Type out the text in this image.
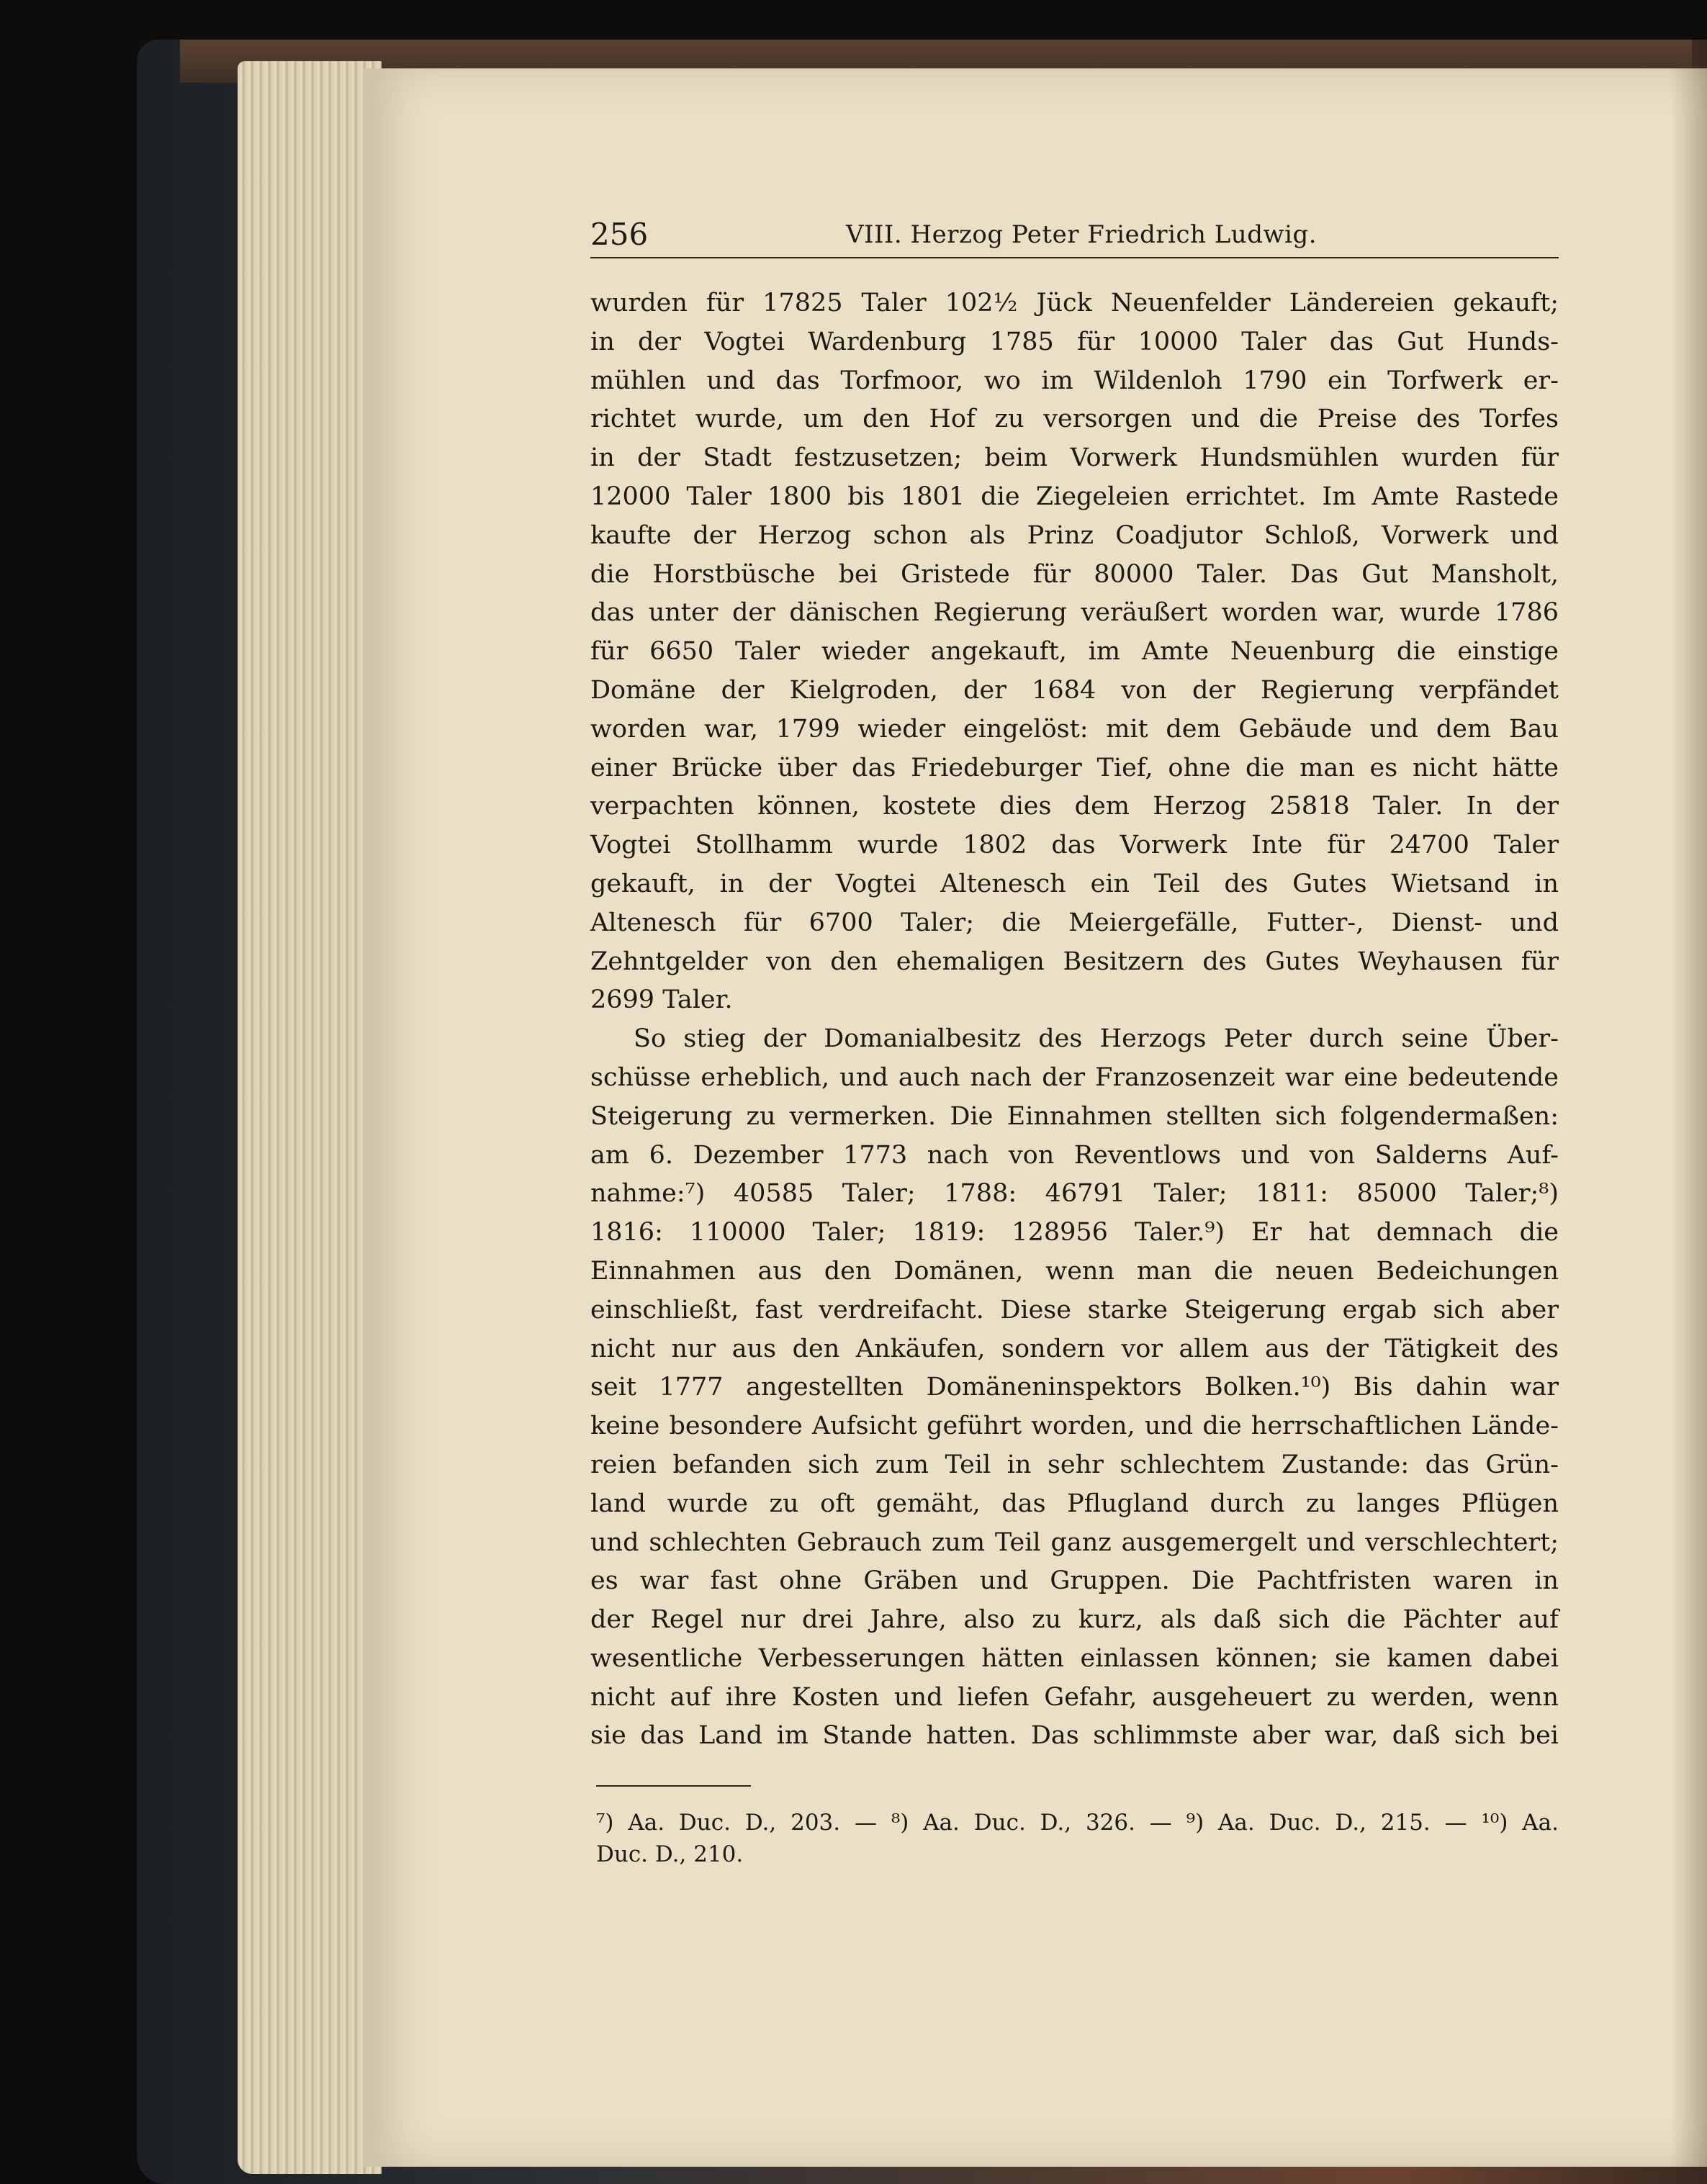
256	VIII. Herzog Peter Friedrich Ludwig.
wurden für 17825 Taler 102½ Jück Neuenfelder Ländereien gekauft;
in der Vogtei Wardenburg 1785 für 10000 Taler das Gut Hunds-
mühlen und das Torfmoor, wo im Wildenloh 1790 ein Torfwerk er-
richtet wurde, um den Hof zu versorgen und die Preise des Torfes
in der Stadt festzusetzen; beim Vorwerk Hundsmühlen wurden für
12000 Taler 1800 bis 1801 die Ziegeleien errichtet. Im Amte Rastede
kaufte der Herzog schon als Prinz Coadjutor Schloß, Vorwerk und
die Horstbüsche bei Gristede für 80000 Taler. Das Gut Mansholt,
das unter der dänischen Regierung veräußert worden war, wurde 1786
für 6650 Taler wieder angekauft, im Amte Neuenburg die einstige
Domäne der Kielgroden, der 1684 von der Regierung verpfändet
worden war, 1799 wieder eingelöst: mit dem Gebäude und dem Bau
einer Brücke über das Friedeburger Tief, ohne die man es nicht hätte
verpachten können, kostete dies dem Herzog 25818 Taler. In der
Vogtei Stollhamm wurde 1802 das Vorwerk Inte für 24700 Taler
gekauft, in der Vogtei Altenesch ein Teil des Gutes Wietsand in
Altenesch für 6700 Taler; die Meiergefälle, Futter-, Dienst- und
Zehntgelder von den ehemaligen Besitzern des Gutes Weyhausen für
2699 Taler.
So stieg der Domanialbesitz des Herzogs Peter durch seine Über-
schüsse erheblich, und auch nach der Franzosenzeit war eine bedeutende
Steigerung zu vermerken. Die Einnahmen stellten sich folgendermaßen:
am 6. Dezember 1773 nach von Reventlows und von Salderns Auf-
nahme:⁷) 40585 Taler; 1788: 46791 Taler; 1811: 85000 Taler;⁸)
1816: 110000 Taler; 1819: 128956 Taler.⁹) Er hat demnach die
Einnahmen aus den Domänen, wenn man die neuen Bedeichungen
einschließt, fast verdreifacht. Diese starke Steigerung ergab sich aber
nicht nur aus den Ankäufen, sondern vor allem aus der Tätigkeit des
seit 1777 angestellten Domäneninspektors Bolken.¹⁰) Bis dahin war
keine besondere Aufsicht geführt worden, und die herrschaftlichen Lände-
reien befanden sich zum Teil in sehr schlechtem Zustande: das Grün-
land wurde zu oft gemäht, das Pflugland durch zu langes Pflügen
und schlechten Gebrauch zum Teil ganz ausgemergelt und verschlechtert;
es war fast ohne Gräben und Gruppen. Die Pachtfristen waren in
der Regel nur drei Jahre, also zu kurz, als daß sich die Pächter auf
wesentliche Verbesserungen hätten einlassen können; sie kamen dabei
nicht auf ihre Kosten und liefen Gefahr, ausgeheuert zu werden, wenn
sie das Land im Stande hatten. Das schlimmste aber war, daß sich bei
⁷) Aa. Duc. D., 203. — ⁸) Aa. Duc. D., 326. — ⁹) Aa. Duc. D., 215. — ¹⁰) Aa.
Duc. D., 210.
